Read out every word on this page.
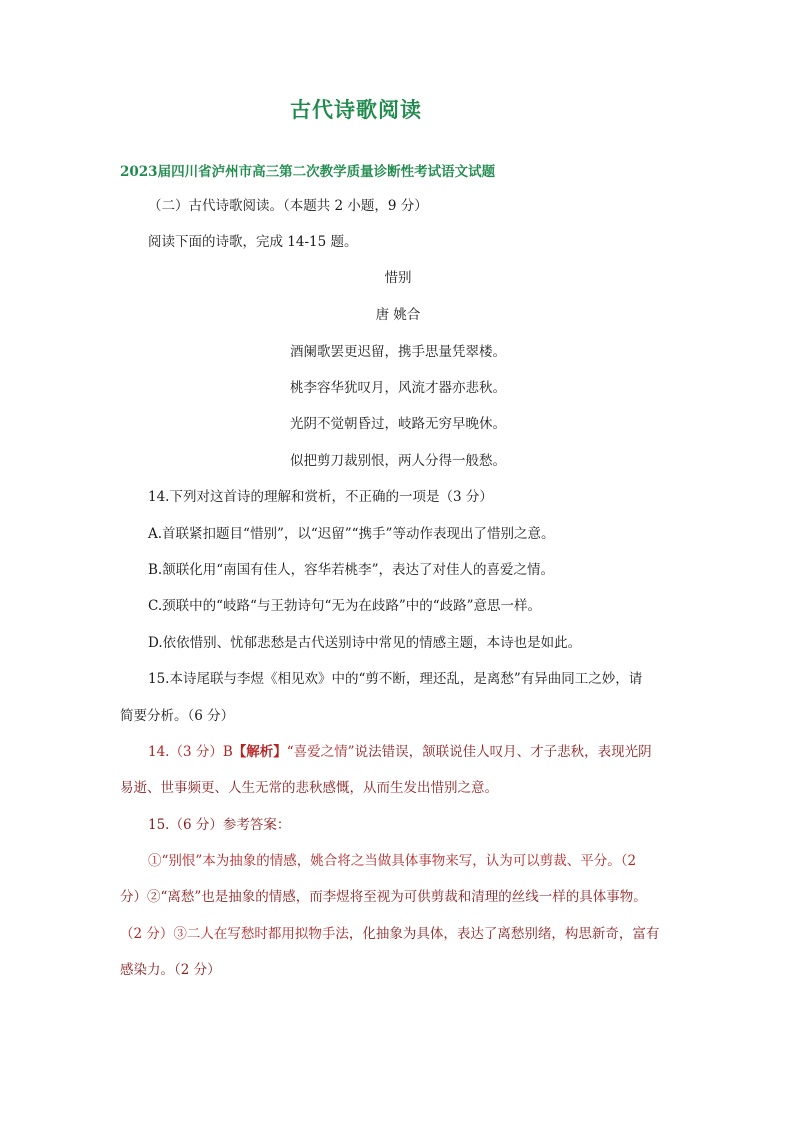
古代诗歌阅读
2023届四川省泸州市高三第二次教学质量诊断性考试语文试题
（二）古代诗歌阅读。（本题共 2 小题，9 分）
阅读下面的诗歌，完成 14-15 题。
惜别
唐 姚合
酒阑歌罢更迟留，携手思量凭翠楼。
桃李容华犹叹月，风流才器亦悲秋。
光阴不觉朝昏过，岐路无穷早晚休。
似把剪刀裁别恨，两人分得一般愁。
14.下列对这首诗的理解和赏析，不正确的一项是（3 分）
A.首联紧扣题目“惜别”，以“迟留”“携手”等动作表现出了惜别之意。
B.颔联化用“南国有佳人，容华若桃李”，表达了对佳人的喜爱之情。
C.颈联中的“岐路“与王勃诗句“无为在歧路”中的“歧路”意思一样。
D.依依惜别、忧郁悲愁是古代送别诗中常见的情感主题，本诗也是如此。
15.本诗尾联与李煜《相见欢》中的“剪不断，理还乱，是离愁”有异曲同工之妙，请
简要分析。（6 分）
14.（3 分）B【解析】“喜爱之情”说法错误，颔联说佳人叹月、才子悲秋，表现光阴
易逝、世事频更、人生无常的悲秋感慨，从而生发出惜别之意。
15.（6 分）参考答案：
①“别恨”本为抽象的情感，姚合将之当做具体事物来写，认为可以剪裁、平分。（2
分）②“离愁”也是抽象的情感，而李煜将至视为可供剪裁和清理的丝线一样的具体事物。
（2 分）③二人在写愁时都用拟物手法，化抽象为具体，表达了离愁别绪，构思新奇，富有
感染力。（2 分）
